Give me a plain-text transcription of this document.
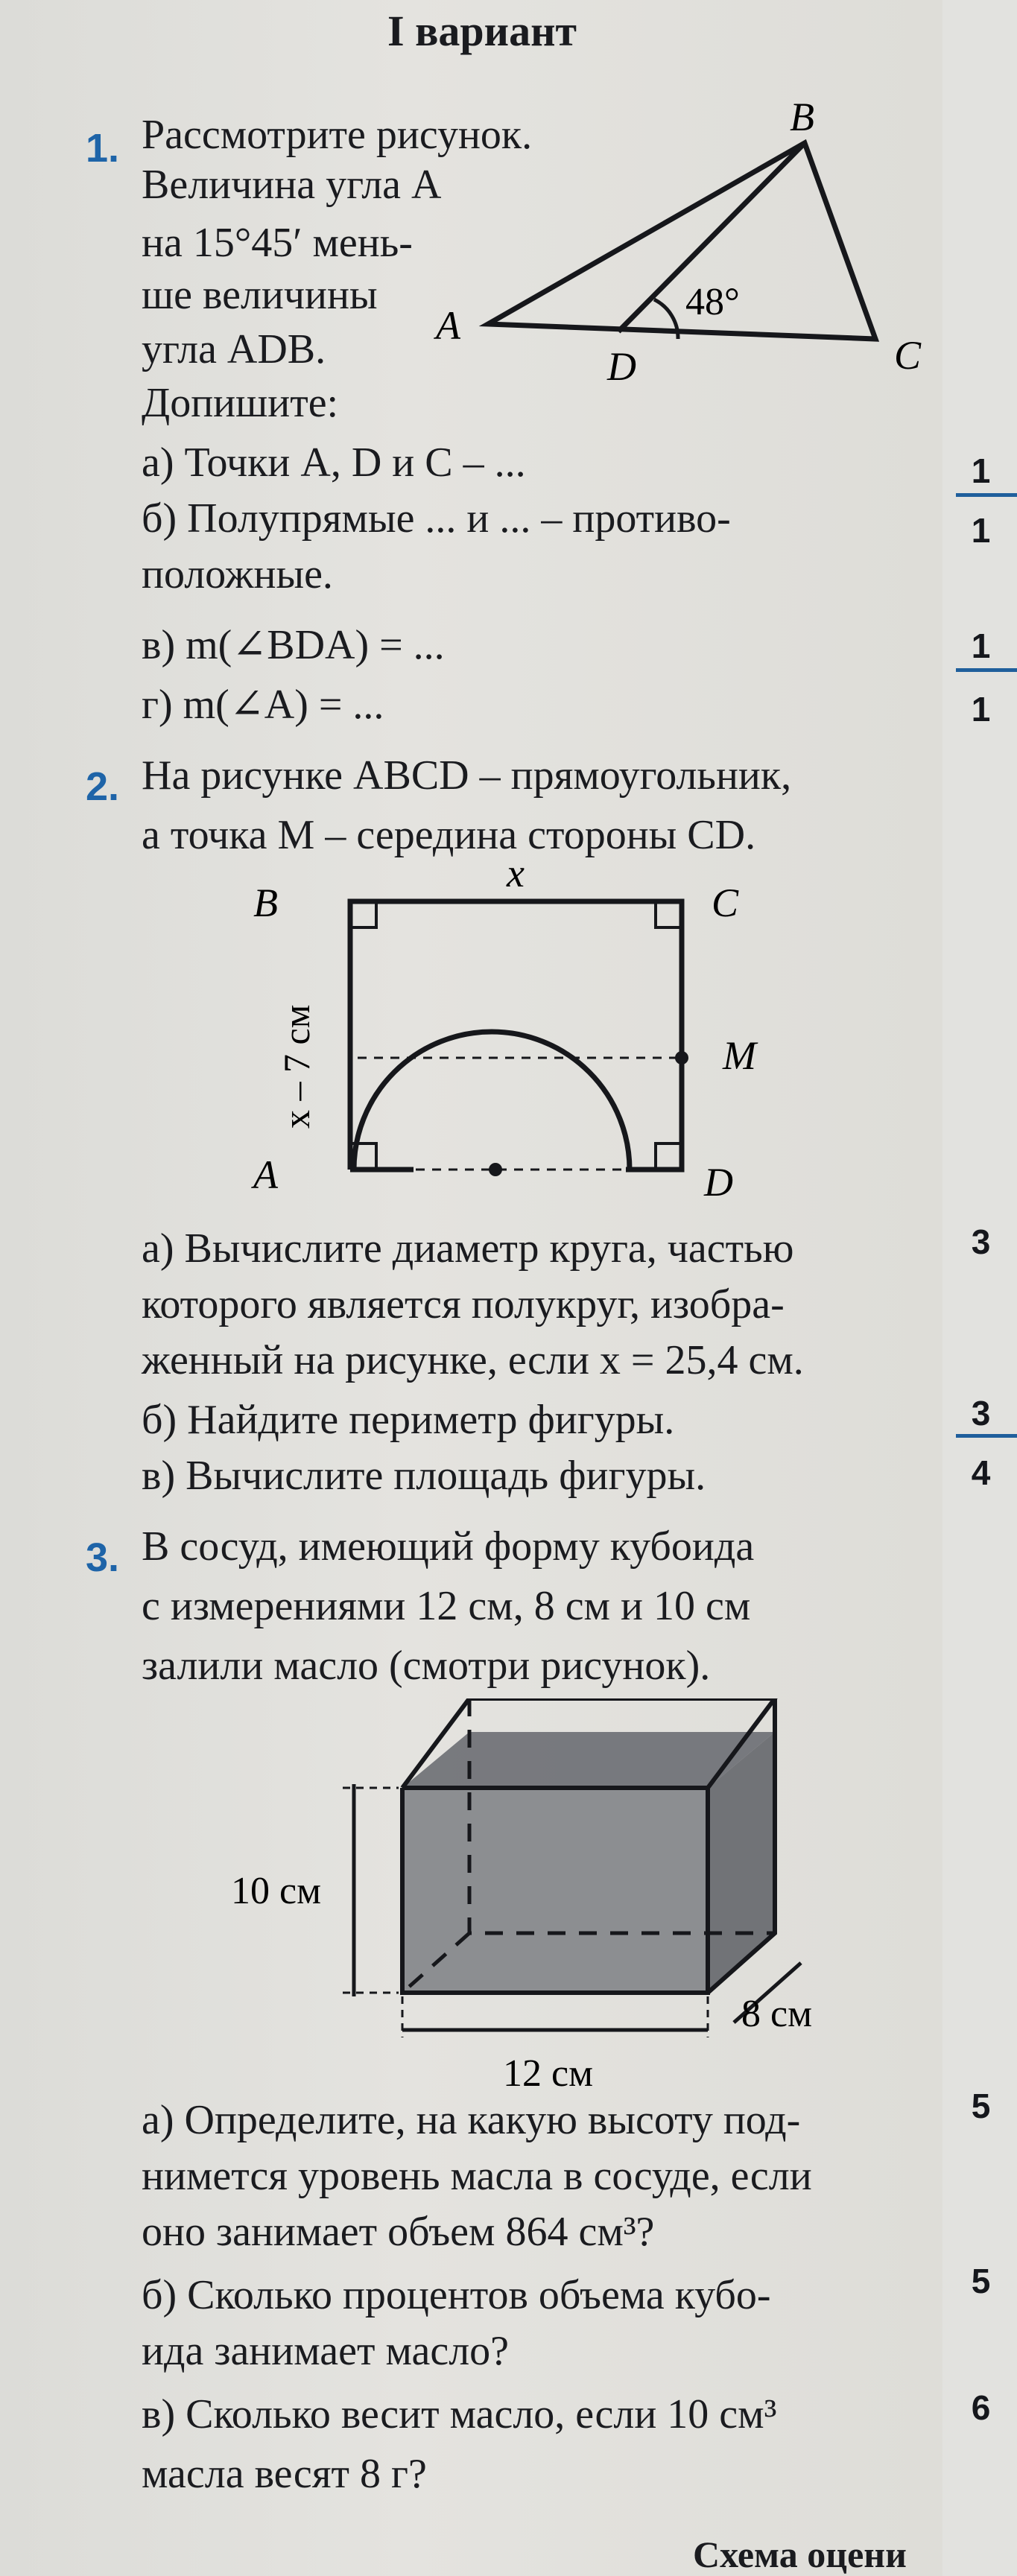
1
1
1
1
3
3
4
5
5
6
I вариант
1. Рассмотрите рисунок.
Величина угла A
на 15°45′ мень-
ше величины
угла ADB.
Допишите:
а) Точки A, D и C – ...
б) Полупрямые ... и ... – противо-
положные.
в) m(∠BDA) = ...
г) m(∠A) = ...
B
A
D	C
48°
2. На рисунке ABCD – прямоугольник,
а точка M – середина стороны CD.
x
B	C
A	D
M
x – 7 см
а) Вычислите диаметр круга, частью
которого является полукруг, изобра-
женный на рисунке, если x = 25,4 см.
б) Найдите периметр фигуры.
в) Вычислите площадь фигуры.
3. В сосуд, имеющий форму кубоида
с измерениями 12 см, 8 см и 10 см
залили масло (смотри рисунок).
10 см
12 см
8 см
а) Определите, на какую высоту под-
нимется уровень масла в сосуде, если
оно занимает объем 864 см³?
б) Сколько процентов объема кубо-
ида занимает масло?
в) Сколько весит масло, если 10 см³
масла весят 8 г?
Схема оцени
